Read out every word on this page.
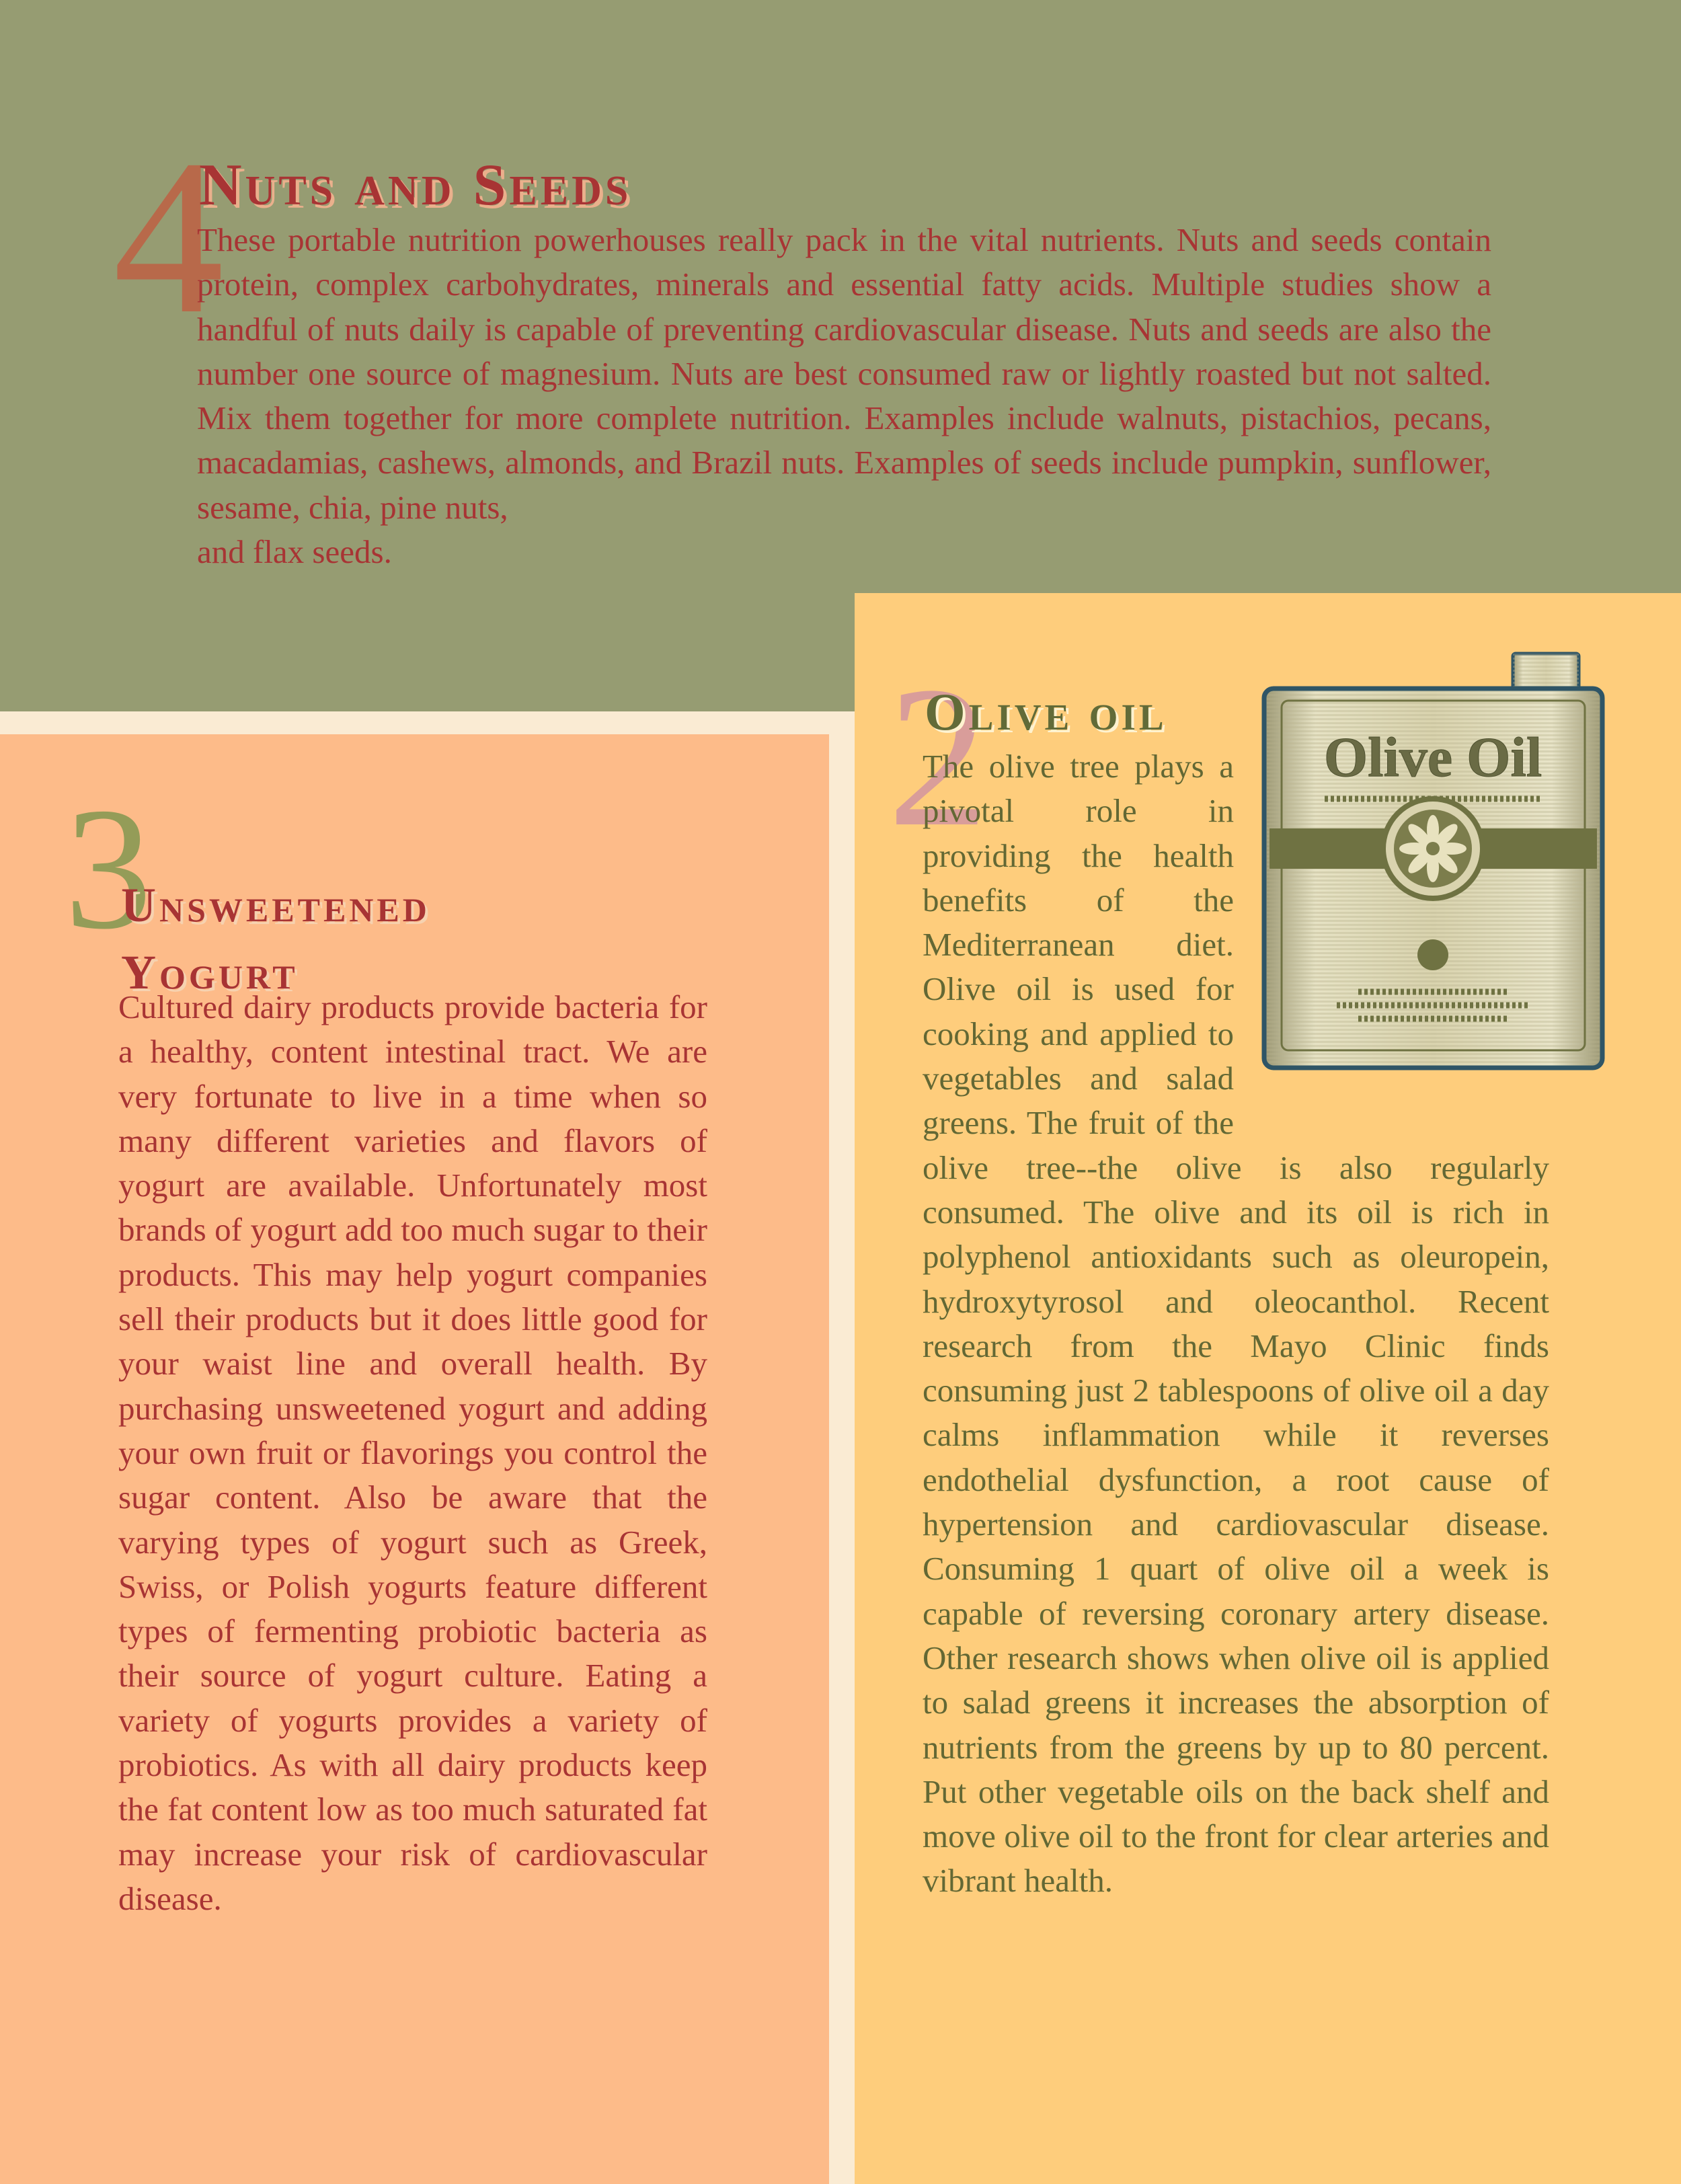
4
Nuts and Seeds
These portable nutrition powerhouses really pack in the vital nutrients. Nuts and seeds contain protein, complex carbohydrates, minerals and essential fatty acids. Multiple studies show a handful of nuts daily is capable of preventing cardiovascular disease. Nuts and seeds are also the number one source of magnesium. Nuts are best consumed raw or lightly roasted but not salted. Mix them together for more complete nutrition. Examples include walnuts, pistachios, pecans, macadamias, cashews, almonds, and Brazil nuts. Examples of seeds include pumpkin, sunflower, sesame, chia, pine nuts,
and flax seeds.
3
Unsweetened
Yogurt

Cultured dairy products provide bacteria for a healthy, content intestinal tract. We are very fortunate to live in a time when so many different varieties and flavors of yogurt are available. Unfortunately most brands of yogurt add too much sugar to their products. This may help yogurt companies sell their products but it does little good for your waist line and overall health. By purchasing unsweetened yogurt and adding your own fruit or flavorings you control the sugar content. Also be aware that the varying types of yogurt such as Greek, Swiss, or Polish yogurts feature different types of fermenting probiotic bacteria as their source of yogurt culture. Eating a variety of yogurts provides a variety of probiotics. As with all dairy products keep the fat content low as too much saturated fat may increase your risk of cardiovascular disease.

2
Olive oil
The olive tree plays a pivotal role in providing the health benefits of the Mediterranean diet. Olive oil is used for cooking and applied to vegetables and salad greens. The fruit of the olive tree--the olive is also regularly consumed. The olive and its oil is rich in polyphenol antioxidants such as oleuropein, hydroxytyrosol and oleocanthol. Recent research from the Mayo Clinic finds consuming just 2 tablespoons of olive oil a day calms inflammation while it reverses endothelial dysfunction, a root cause of hypertension and cardiovascular disease. Consuming 1 quart of olive oil a week is capable of reversing coronary artery disease. Other research shows when olive oil is applied to salad greens it increases the absorption of nutrients from the greens by up to 80 percent. Put other vegetable oils on the back shelf and move olive oil to the front for clear arteries and vibrant health.
Olive Oil
